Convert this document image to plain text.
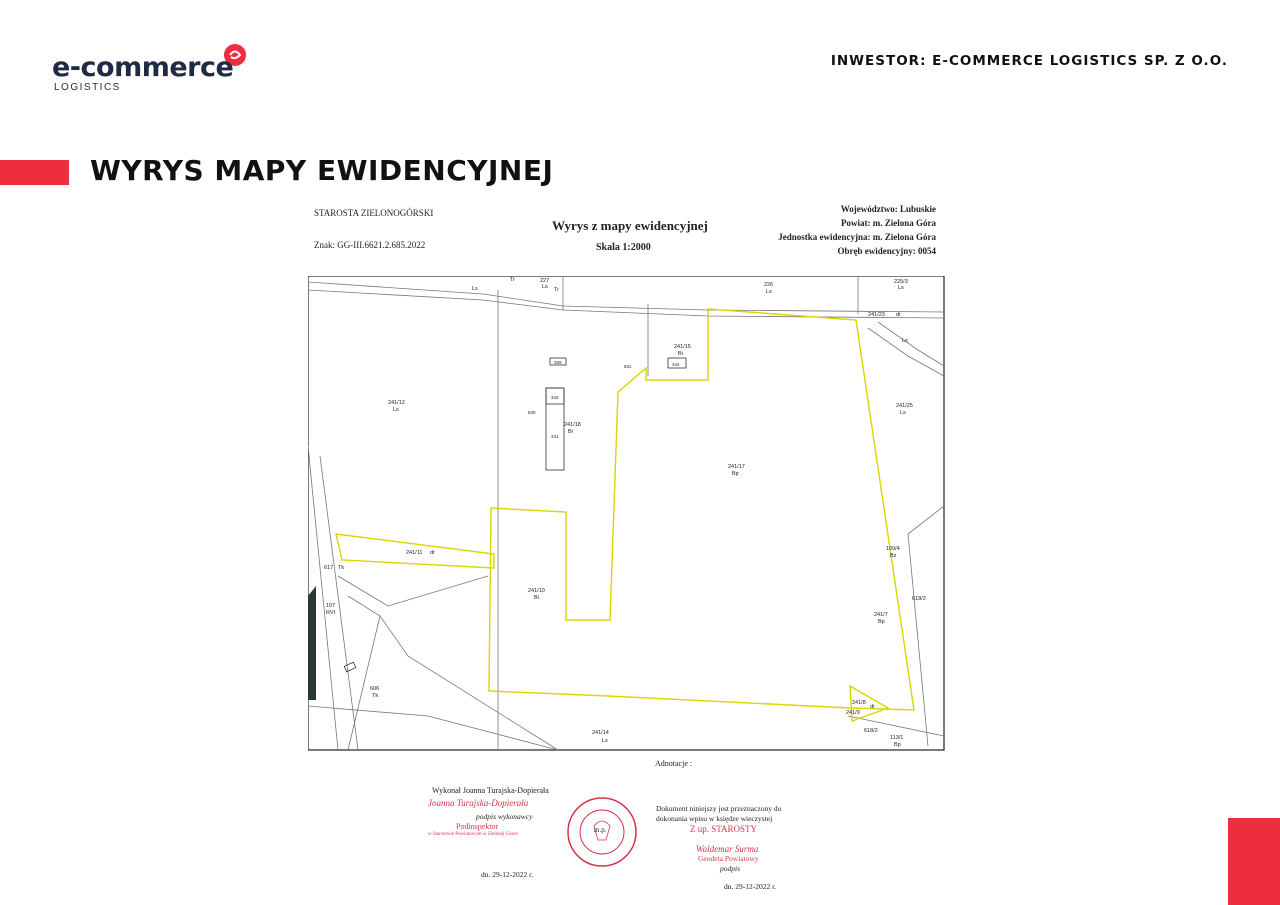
e-commerce
LOGISTICS
INWESTOR: E-COMMERCE LOGISTICS SP. Z O.O.
WYRYS MAPY EWIDENCYJNEJ
STAROSTA ZIELONOGÓRSKI
Znak: GG-III.6621.2.685.2022
Wyrys z mapy ewidencyjnej
Skala 1:2000
Województwo: Lubuskie
Powiat: m. Zielona Góra
Jednostka ewidencyjna: m. Zielona Góra
Obręb ewidencyjny: 0054
227
Ls	226
Ls
225/3
Ls
241/23 dr
Ls
241/15
Bi
344
369
831
241/12
Ls
342
341
830
241/18
Bi
241/17
Bp
241/25
Ls
241/11 dr
617 Tk
107
RVI
241/10
Bi
606
Tk
109/4
Bz
618/2
241/7
Bp
241/8
241/9
dr
618/2
113/1
Bp
241/14
Ls
Tr
Tr
Ls
Adnotacje :
Wykonał Joanna Turajska-Dopierała
Joanna Turajska-Dopierała
podpis wykonawcy
Podinspektor
w Starostwie Powiatowym w Zielonej Górze
dn. 29-12-2022 r.
m.p.
Dokument niniejszy jest przeznaczony do
dokonania wpisu w księdze wieczystej
Z up. STAROSTY
Waldemar Surma
Geodeta Powiatowy
podpis
dn. 29-12-2022 r.
